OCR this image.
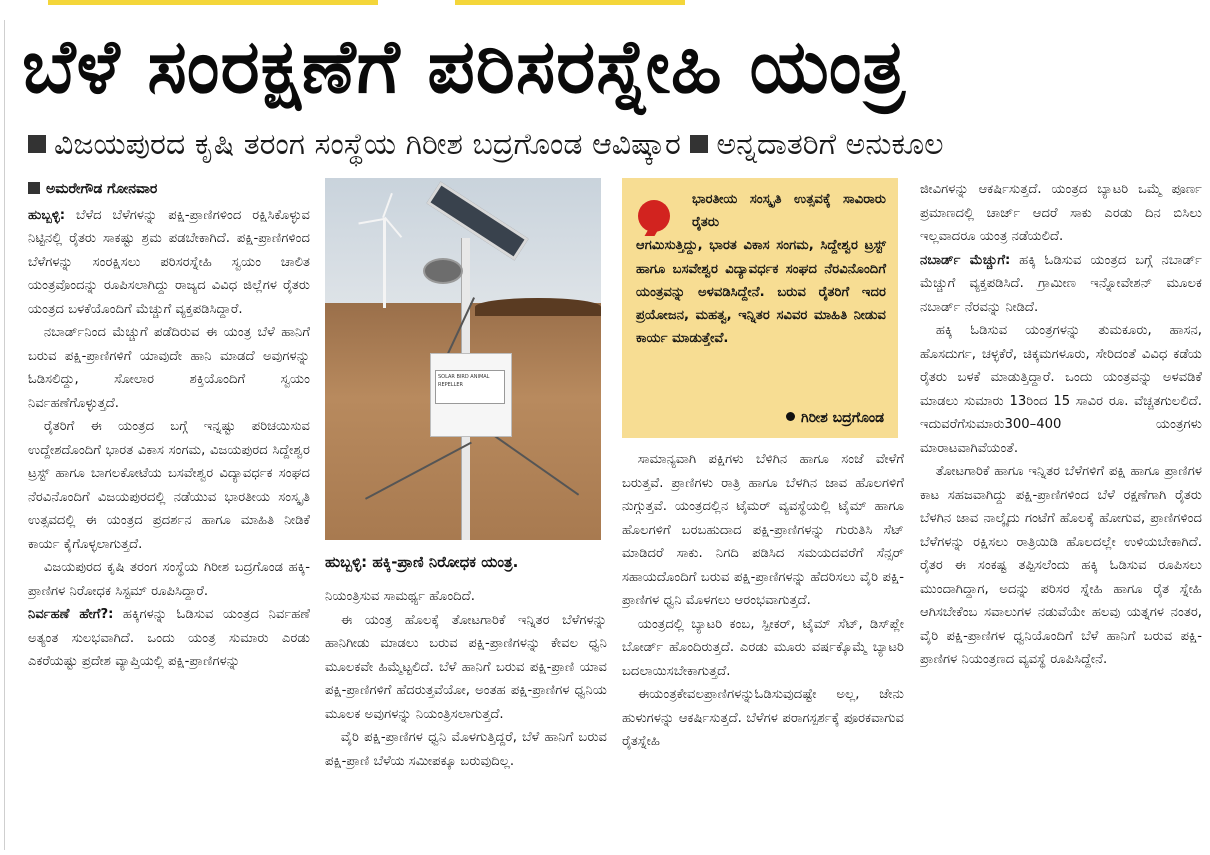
ಬೆಳೆ ಸಂರಕ್ಷಣೆಗೆ ಪರಿಸರಸ್ನೇಹಿ ಯಂತ್ರ
ವಿಜಯಪುರದ ಕೃಷಿ ತರಂಗ ಸಂಸ್ಥೆಯ ಗಿರೀಶ ಬದ್ರಗೊಂಡ ಆವಿಷ್ಕಾರ ಅನ್ನದಾತರಿಗೆ ಅನುಕೂಲ
ಅಮರೇಗೌಡ ಗೋನವಾರ

ಹುಬ್ಬಳ್ಳಿ: ಬೆಳೆದ ಬೆಳೆಗಳನ್ನು ಪಕ್ಷಿ-ಪ್ರಾಣಿಗಳಿಂದ ರಕ್ಷಿಸಿಕೊಳ್ಳುವ ನಿಟ್ಟಿನಲ್ಲಿ ರೈತರು ಸಾಕಷ್ಟು ಶ್ರಮ ಪಡಬೇಕಾಗಿದೆ. ಪಕ್ಷಿ-ಪ್ರಾಣಿಗಳಿಂದ ಬೆಳೆಗಳನ್ನು ಸಂರಕ್ಷಿಸಲು ಪರಿಸರಸ್ನೇಹಿ ಸ್ವಯಂ ಚಾಲಿತ ಯಂತ್ರವೊಂದನ್ನು ರೂಪಿಸಲಾಗಿದ್ದು ರಾಜ್ಯದ ವಿವಿಧ ಜಿಲ್ಲೆಗಳ ರೈತರು ಯಂತ್ರದ ಬಳಕೆಯೊಂದಿಗೆ ಮೆಚ್ಚುಗೆ ವ್ಯಕ್ತಪಡಿಸಿದ್ದಾರೆ.

ನಬಾರ್ಡ್‌ನಿಂದ ಮೆಚ್ಚುಗೆ ಪಡೆದಿರುವ ಈ ಯಂತ್ರ ಬೆಳೆ ಹಾನಿಗೆ ಬರುವ ಪಕ್ಷಿ-ಪ್ರಾಣಿಗಳಿಗೆ ಯಾವುದೇ ಹಾನಿ ಮಾಡದೆ ಅವುಗಳನ್ನು ಓಡಿಸಲಿದ್ದು, ಸೋಲಾರ ಶಕ್ತಿಯೊಂದಿಗೆ ಸ್ವಯಂ ನಿರ್ವಹಣೆಗೊಳ್ಳುತ್ತದೆ.

ರೈತರಿಗೆ ಈ ಯಂತ್ರದ ಬಗ್ಗೆ ಇನ್ನಷ್ಟು ಪರಿಚಯಿಸುವ ಉದ್ದೇಶದೊಂದಿಗೆ ಭಾರತ ವಿಕಾಸ ಸಂಗಮ, ವಿಜಯಪುರದ ಸಿದ್ದೇಶ್ವರ ಟ್ರಸ್ಟ್ ಹಾಗೂ ಬಾಗಲಕೋಟೆಯ ಬಸವೇಶ್ವರ ವಿದ್ಯಾವರ್ಧಕ ಸಂಘದ ನೆರವಿನೊಂದಿಗೆ ವಿಜಯಪುರದಲ್ಲಿ ನಡೆಯುವ ಭಾರತೀಯ ಸಂಸ್ಕೃತಿ ಉತ್ಸವದಲ್ಲಿ ಈ ಯಂತ್ರದ ಪ್ರದರ್ಶನ ಹಾಗೂ ಮಾಹಿತಿ ನೀಡಿಕೆ ಕಾರ್ಯ ಕೈಗೊಳ್ಳಲಾಗುತ್ತದೆ.

ವಿಜಯಪುರದ ಕೃಷಿ ತರಂಗ ಸಂಸ್ಥೆಯ ಗಿರೀಶ ಬದ್ರಗೊಂಡ ಹಕ್ಕಿ-ಪ್ರಾಣಿಗಳ ನಿರೋಧಕ ಸಿಸ್ಟಮ್ ರೂಪಿಸಿದ್ದಾರೆ.

ನಿರ್ವಹಣೆ ಹೇಗೆ?: ಹಕ್ಕಿಗಳನ್ನು ಓಡಿಸುವ ಯಂತ್ರದ ನಿರ್ವಹಣೆ ಅತ್ಯಂತ ಸುಲಭವಾಗಿದೆ. ಒಂದು ಯಂತ್ರ ಸುಮಾರು ಎರಡು ಎಕರೆಯಷ್ಟು ಪ್ರದೇಶ ವ್ಯಾಪ್ತಿಯಲ್ಲಿ ಪಕ್ಷಿ-ಪ್ರಾಣಿಗಳನ್ನು

SOLAR BIRD ANIMAL REPELLER
ಹುಬ್ಬಳ್ಳಿ: ಹಕ್ಕಿ-ಪ್ರಾಣಿ ನಿರೋಧಕ ಯಂತ್ರ.

ನಿಯಂತ್ರಿಸುವ ಸಾಮರ್ಥ್ಯ ಹೊಂದಿದೆ.

ಈ ಯಂತ್ರ ಹೊಲಕ್ಕೆ ತೋಟಗಾರಿಕೆ ಇನ್ನಿತರ ಬೆಳೆಗಳನ್ನು ಹಾನಿಗೀಡು ಮಾಡಲು ಬರುವ ಪಕ್ಷಿ-ಪ್ರಾಣಿಗಳನ್ನು ಕೇವಲ ಧ್ವನಿ ಮೂಲಕವೇ ಹಿಮ್ಮೆಟ್ಟಲಿದೆ. ಬೆಳೆ ಹಾನಿಗೆ ಬರುವ ಪಕ್ಷಿ-ಪ್ರಾಣಿ ಯಾವ ಪಕ್ಷಿ-ಪ್ರಾಣಿಗಳಿಗೆ ಹೆದರುತ್ತವೆಯೋ, ಅಂತಹ ಪಕ್ಷಿ-ಪ್ರಾಣಿಗಳ ಧ್ವನಿಯ ಮೂಲಕ ಅವುಗಳನ್ನು ನಿಯಂತ್ರಿಸಲಾಗುತ್ತದೆ.

ವೈರಿ ಪಕ್ಷಿ-ಪ್ರಾಣಿಗಳ ಧ್ವನಿ ಮೊಳಗುತ್ತಿದ್ದರೆ, ಬೆಳೆ ಹಾನಿಗೆ ಬರುವ ಪಕ್ಷಿ-ಪ್ರಾಣಿ ಬೆಳೆಯ ಸಮೀಪಕ್ಕೂ ಬರುವುದಿಲ್ಲ.

ಭಾರತೀಯ ಸಂಸ್ಕೃತಿ ಉತ್ಸವಕ್ಕೆ ಸಾವಿರಾರು ರೈತರು
ಆಗಮಿಸುತ್ತಿದ್ದು, ಭಾರತ ವಿಕಾಸ ಸಂಗಮ, ಸಿದ್ದೇಶ್ವರ ಟ್ರಸ್ಟ್ ಹಾಗೂ ಬಸವೇಶ್ವರ ವಿದ್ಯಾವರ್ಧಕ ಸಂಘದ ನೆರವಿನೊಂದಿಗೆ ಯಂತ್ರವನ್ನು ಅಳವಡಿಸಿದ್ದೇನೆ. ಬರುವ ರೈತರಿಗೆ ಇದರ ಪ್ರಯೋಜನ, ಮಹತ್ವ, ಇನ್ನಿತರ ಸವಿವರ ಮಾಹಿತಿ ನೀಡುವ ಕಾರ್ಯ ಮಾಡುತ್ತೇವೆ.
ಗಿರೀಶ ಬದ್ರಗೊಂಡ

ಸಾಮಾನ್ಯವಾಗಿ ಪಕ್ಷಿಗಳು ಬೆಳಿಗಿನ ಹಾಗೂ ಸಂಜೆ ವೇಳೆಗೆ ಬರುತ್ತವೆ. ಪ್ರಾಣಿಗಳು ರಾತ್ರಿ ಹಾಗೂ ಬೆಳಗಿನ ಜಾವ ಹೊಲಗಳಿಗೆ ನುಗ್ಗುತ್ತವೆ. ಯಂತ್ರದಲ್ಲಿನ ಟೈಮರ್ ವ್ಯವಸ್ಥೆಯಲ್ಲಿ ಟೈಮ್ ಹಾಗೂ ಹೊಲಗಳಿಗೆ ಬರಬಹುದಾದ ಪಕ್ಷಿ-ಪ್ರಾಣಿಗಳನ್ನು ಗುರುತಿಸಿ ಸೆಟ್ ಮಾಡಿದರೆ ಸಾಕು. ನಿಗದಿ ಪಡಿಸಿದ ಸಮಯದವರೆಗೆ ಸೆನ್ಸರ್ ಸಹಾಯದೊಂದಿಗೆ ಬರುವ ಪಕ್ಷಿ-ಪ್ರಾಣಿಗಳನ್ನು ಹೆದರಿಸಲು ವೈರಿ ಪಕ್ಷಿ-ಪ್ರಾಣಿಗಳ ಧ್ವನಿ ಮೊಳಗಲು ಆರಂಭವಾಗುತ್ತದೆ.

ಯಂತ್ರದಲ್ಲಿ ಬ್ಯಾಟರಿ ಕಂಬ, ಸ್ಪೀಕರ್, ಟೈಮ್ ಸೆಟ್, ಡಿಸ್‌ಪ್ಲೇ ಬೋರ್ಡ್ ಹೊಂದಿರುತ್ತದೆ. ಎರಡು ಮೂರು ವರ್ಷಕ್ಕೊಮ್ಮೆ ಬ್ಯಾಟರಿ ಬದಲಾಯಿಸಬೇಕಾಗುತ್ತದೆ.

ಈಯಂತ್ರಕೇವಲಪ್ರಾಣಿಗಳನ್ನುಓಡಿಸುವುದಷ್ಟೇ ಅಲ್ಲ, ಜೇನು ಹುಳುಗಳನ್ನು ಆಕರ್ಷಿಸುತ್ತದೆ. ಬೆಳೆಗಳ ಪರಾಗಸ್ಪರ್ಶಕ್ಕೆ ಪೂರಕವಾಗುವ ರೈತಸ್ನೇಹಿ

ಜೀವಿಗಳನ್ನು ಆಕರ್ಷಿಸುತ್ತದೆ. ಯಂತ್ರದ ಬ್ಯಾಟರಿ ಒಮ್ಮೆ ಪೂರ್ಣ ಪ್ರಮಾಣದಲ್ಲಿ ಚಾರ್ಜ್ ಆದರೆ ಸಾಕು ಎರಡು ದಿನ ಬಿಸಿಲು ಇಲ್ಲವಾದರೂ ಯಂತ್ರ ನಡೆಯಲಿದೆ.

ನಬಾರ್ಡ್ ಮೆಚ್ಚುಗೆ: ಹಕ್ಕಿ ಓಡಿಸುವ ಯಂತ್ರದ ಬಗ್ಗೆ ನಬಾರ್ಡ್ ಮೆಚ್ಚುಗೆ ವ್ಯಕ್ತಪಡಿಸಿದೆ. ಗ್ರಾಮೀಣ ಇನ್ನೋವೇಶನ್ ಮೂಲಕ ನಬಾರ್ಡ್ ನೆರವನ್ನು ನೀಡಿದೆ.

ಹಕ್ಕಿ ಓಡಿಸುವ ಯಂತ್ರಗಳನ್ನು ತುಮಕೂರು, ಹಾಸನ, ಹೊಸದುರ್ಗ, ಚಳ್ಳಕೆರೆ, ಚಿಕ್ಕಮಗಳೂರು, ಸೇರಿದಂತೆ ವಿವಿಧ ಕಡೆಯ ರೈತರು ಬಳಕೆ ಮಾಡುತ್ತಿದ್ದಾರೆ. ಒಂದು ಯಂತ್ರವನ್ನು ಅಳವಡಿಕೆ ಮಾಡಲು ಸುಮಾರು 13ರಿಂದ 15 ಸಾವಿರ ರೂ. ವೆಚ್ಚತಗುಲಲಿದೆ. ಇದುವರೆಗೆಸುಮಾರು300–400 ಯಂತ್ರಗಳು ಮಾರಾಟವಾಗಿವೆಯಂತೆ.

ತೋಟಗಾರಿಕೆ ಹಾಗೂ ಇನ್ನಿತರ ಬೆಳೆಗಳಿಗೆ ಪಕ್ಷಿ ಹಾಗೂ ಪ್ರಾಣಿಗಳ ಕಾಟ ಸಹಜವಾಗಿದ್ದು ಪಕ್ಷಿ-ಪ್ರಾಣಿಗಳಿಂದ ಬೆಳೆ ರಕ್ಷಣೆಗಾಗಿ ರೈತರು ಬೆಳಗಿನ ಜಾವ ನಾಲ್ಕೈದು ಗಂಟೆಗೆ ಹೊಲಕ್ಕೆ ಹೋಗುವ, ಪ್ರಾಣಿಗಳಿಂದ ಬೆಳೆಗಳನ್ನು ರಕ್ಷಿಸಲು ರಾತ್ರಿಯಿಡಿ ಹೊಲದಲ್ಲೇ ಉಳಿಯಬೇಕಾಗಿದೆ. ರೈತರ ಈ ಸಂಕಷ್ಟ ತಪ್ಪಿಸಲೆಂದು ಹಕ್ಕಿ ಓಡಿಸುವ ರೂಪಿಸಲು ಮುಂದಾಗಿದ್ದಾಗ, ಅದನ್ನು ಪರಿಸರ ಸ್ನೇಹಿ ಹಾಗೂ ರೈತ ಸ್ನೇಹಿ ಆಗಿಸಬೇಕೆಂಬ ಸವಾಲುಗಳ ನಡುವೆಯೇ ಹಲವು ಯತ್ನಗಳ ನಂತರ, ವೈರಿ ಪಕ್ಷಿ-ಪ್ರಾಣಿಗಳ ಧ್ವನಿಯೊಂದಿಗೆ ಬೆಳೆ ಹಾನಿಗೆ ಬರುವ ಪಕ್ಷಿ-ಪ್ರಾಣಿಗಳ ನಿಯಂತ್ರಣದ ವ್ಯವಸ್ಥೆ ರೂಪಿಸಿದ್ದೇನೆ.
